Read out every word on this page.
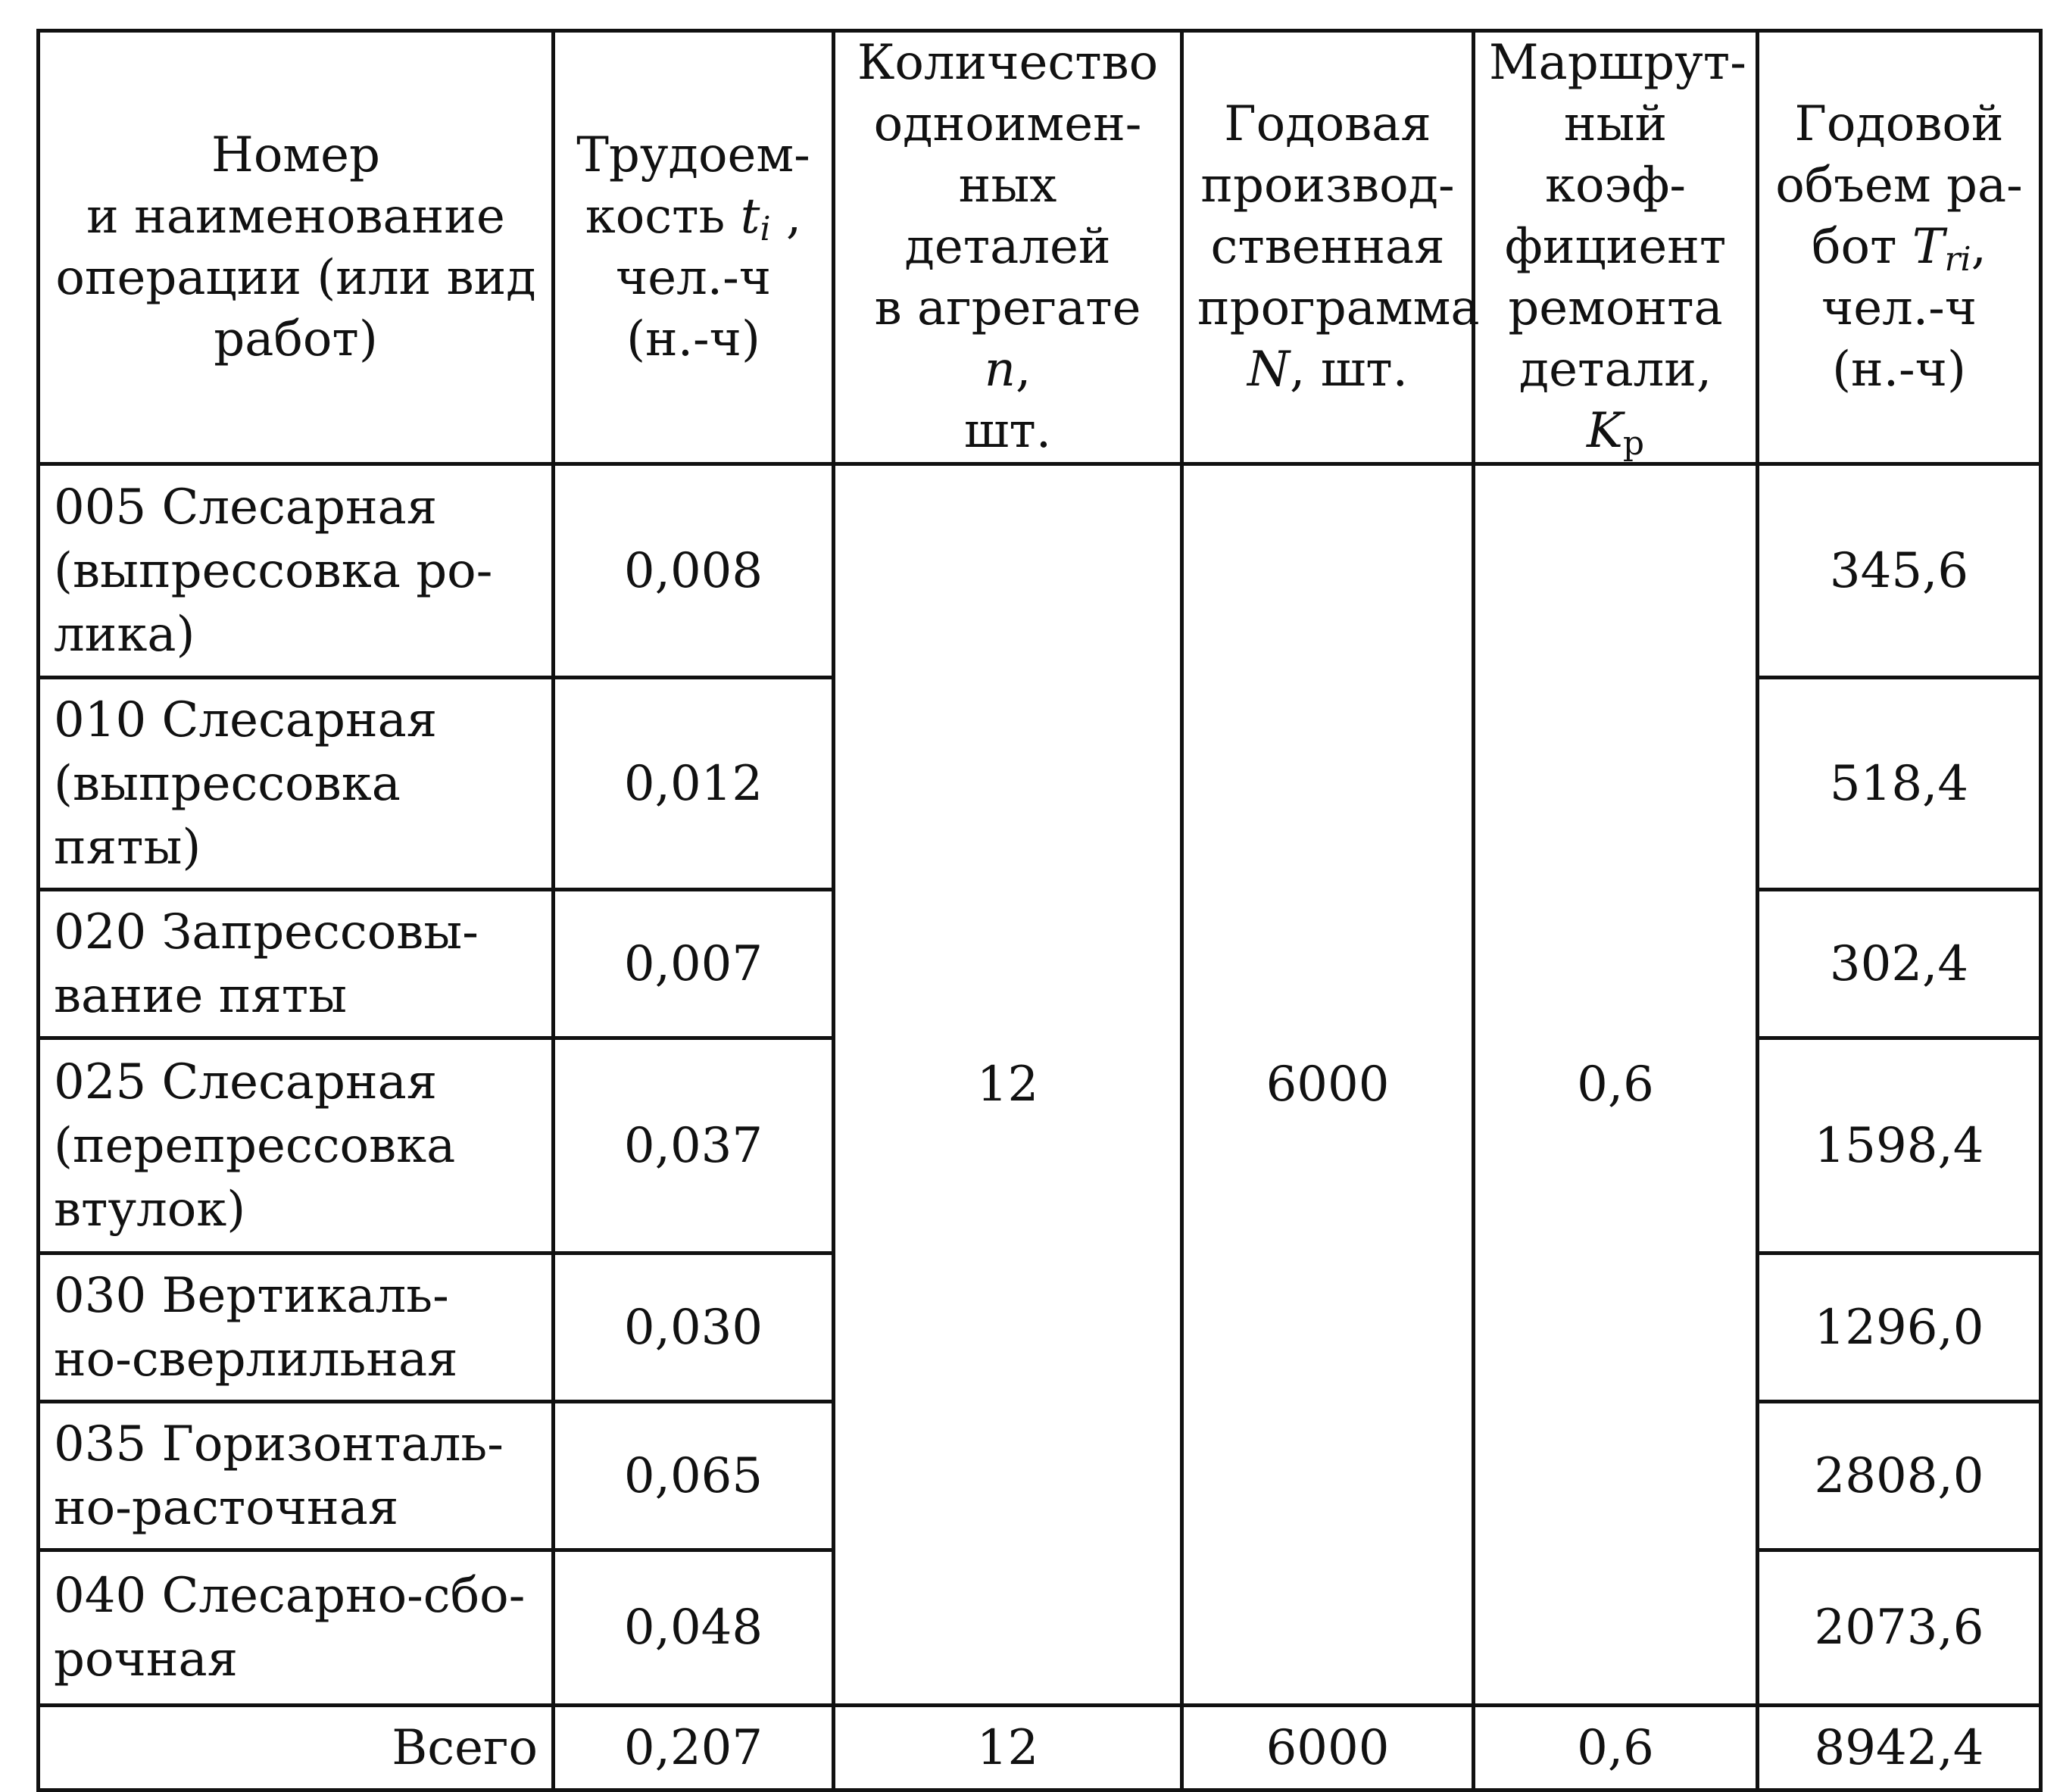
Номер
и наименование
операции (или вид
работ)	Трудоем-
кость $t_i$ ,
чел.-ч
(н.-ч)	Количество
одноимен-
ных деталей
в агрегате n,
шт.	Годовая
производ-
ственная
программа
N, шт.	Маршрут-
ный коэф-
фициент
ремонта
детали, $K_р$	Годовой
объем ра-
бот $T_{ri}$,
чел.-ч
(н.-ч)
005 Слесарная
(выпрессовка ро-
лика)	0,008	12	6000	0,6	345,6
010 Слесарная
(выпрессовка
пяты)	0,012				518,4
020 Запрессовы-
вание пяты	0,007				302,4
025 Слесарная
(перепрессовка
втулок)	0,037				1598,4
030 Вертикаль-
но-сверлильная	0,030				1296,0
035 Горизонталь-
но-расточная	0,065				2808,0
040 Слесарно-сбо-
рочная	0,048				2073,6
Всего	0,207	12	6000	0,6	8942,4
